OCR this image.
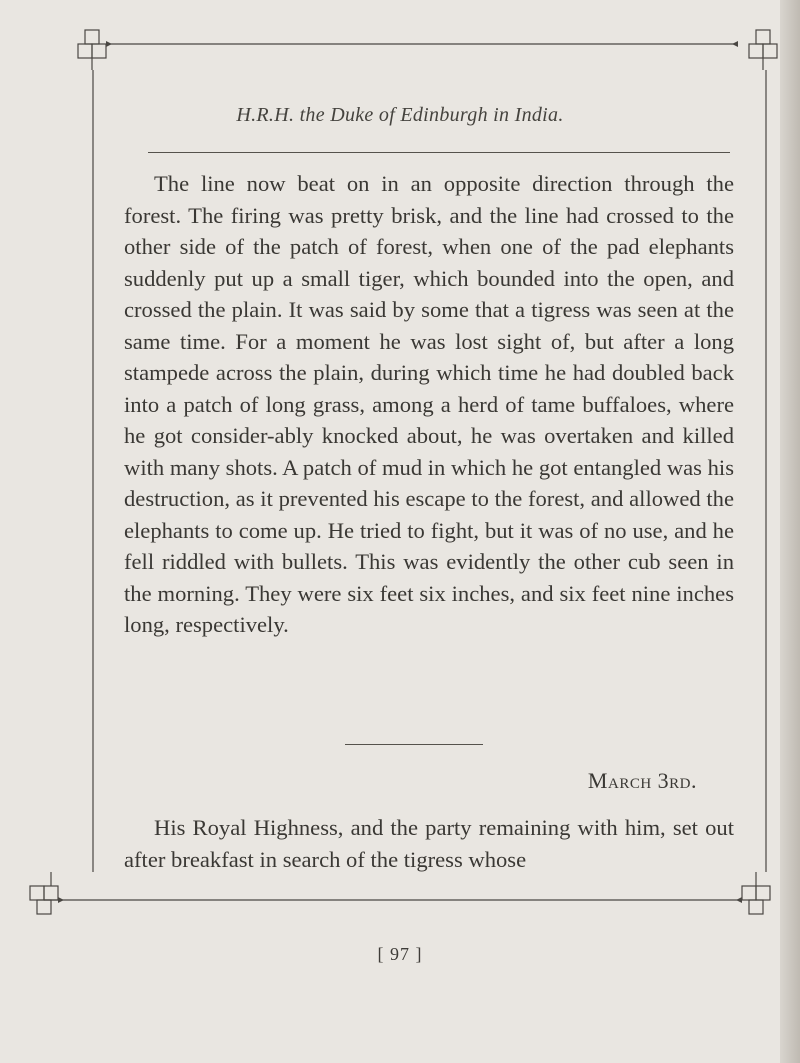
H.R.H. the Duke of Edinburgh in India.

The line now beat on in an opposite direction through the forest. The firing was pretty brisk, and the line had crossed to the other side of the patch of forest, when one of the pad elephants suddenly put up a small tiger, which bounded into the open, and crossed the plain. It was said by some that a tigress was seen at the same time. For a moment he was lost sight of, but after a long stampede across the plain, during which time he had doubled back into a patch of long grass, among a herd of tame buffaloes, where he got consider-ably knocked about, he was overtaken and killed with many shots. A patch of mud in which he got entangled was his destruction, as it prevented his escape to the forest, and allowed the elephants to come up. He tried to fight, but it was of no use, and he fell riddled with bullets. This was evidently the other cub seen in the morning. They were six feet six inches, and six feet nine inches long, respectively.

March 3rd.

His Royal Highness, and the party remaining with him, set out after breakfast in search of the tigress whose

[ 97 ]
